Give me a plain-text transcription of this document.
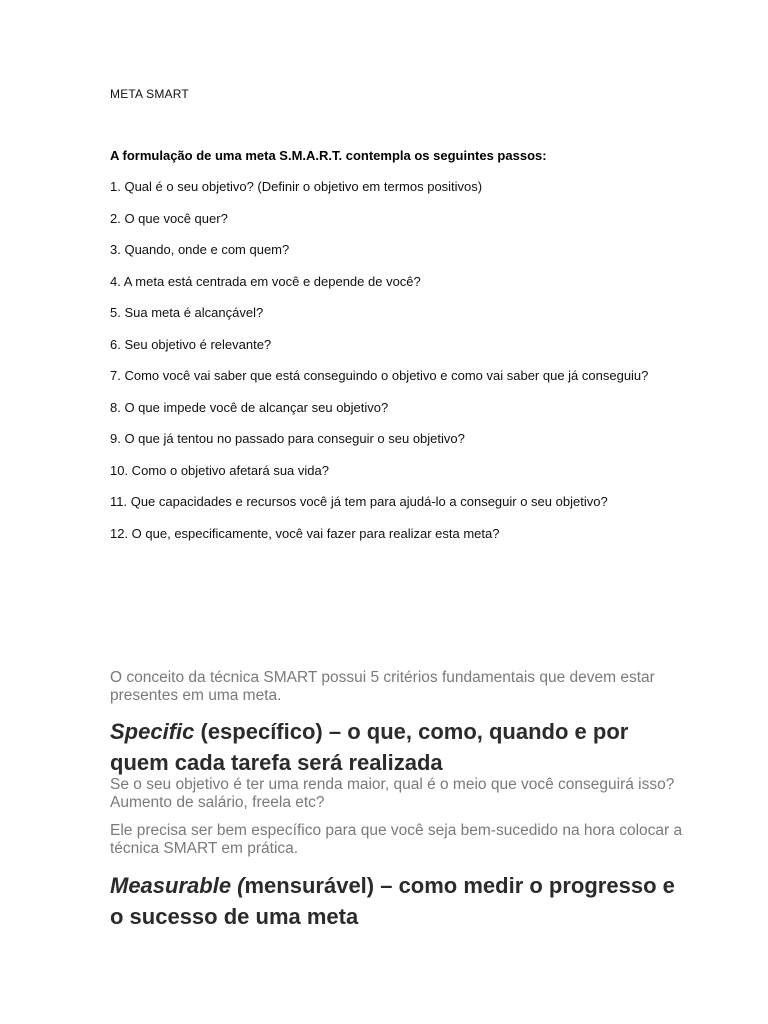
META SMART
A formulação de uma meta S.M.A.R.T. contempla os seguintes passos:
1. Qual é o seu objetivo? (Definir o objetivo em termos positivos)
2. O que você quer?
3. Quando, onde e com quem?
4. A meta está centrada em você e depende de você?
5. Sua meta é alcançável?
6. Seu objetivo é relevante?
7. Como você vai saber que está conseguindo o objetivo e como vai saber que já conseguiu?
8. O que impede você de alcançar seu objetivo?
9. O que já tentou no passado para conseguir o seu objetivo?
10. Como o objetivo afetará sua vida?
11. Que capacidades e recursos você já tem para ajudá-lo a conseguir o seu objetivo?
12. O que, especificamente, você vai fazer para realizar esta meta?
O conceito da técnica SMART possui 5 critérios fundamentais que devem estar presentes em uma meta.
Specific (específico) – o que, como, quando e por quem cada tarefa será realizada
Se o seu objetivo é ter uma renda maior, qual é o meio que você conseguirá isso? Aumento de salário, freela etc?
Ele precisa ser bem específico para que você seja bem-sucedido na hora colocar a técnica SMART em prática.
Measurable (mensurável) – como medir o progresso e o sucesso de uma meta
